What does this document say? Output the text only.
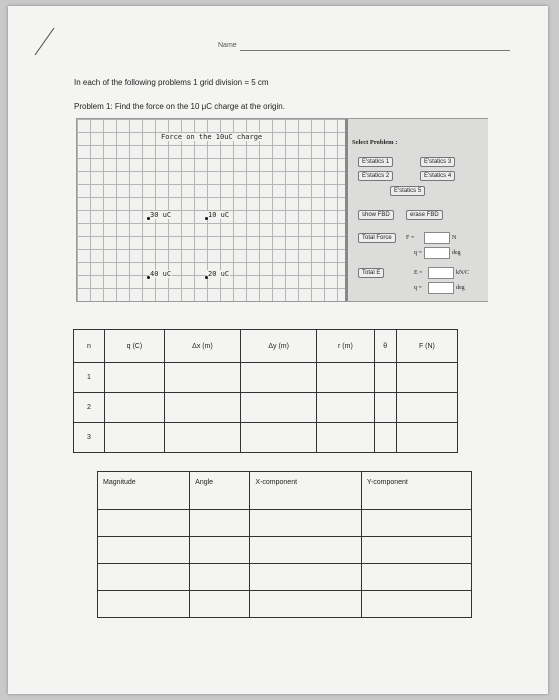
Name
In each of the following problems 1 grid division = 5 cm
Problem 1: Find the force on the 10 μC charge at the origin.
Force on the 10uC charge
30 uC	10 uC
40 uC	20 uC
Select Problem :
E'statics 1
E'statics 2
E'statics 3
E'statics 4
E'statics 5
show FBD	erase FBD
Total Force	F =	N
q =	deg
Total E	E =	kN/C
q =	deg
n	q (C)	Δx (m)	Δy (m)	r (m)	θ	F (N)
1						
2						
3						
Magnitude	Angle	X-component	Y-component
